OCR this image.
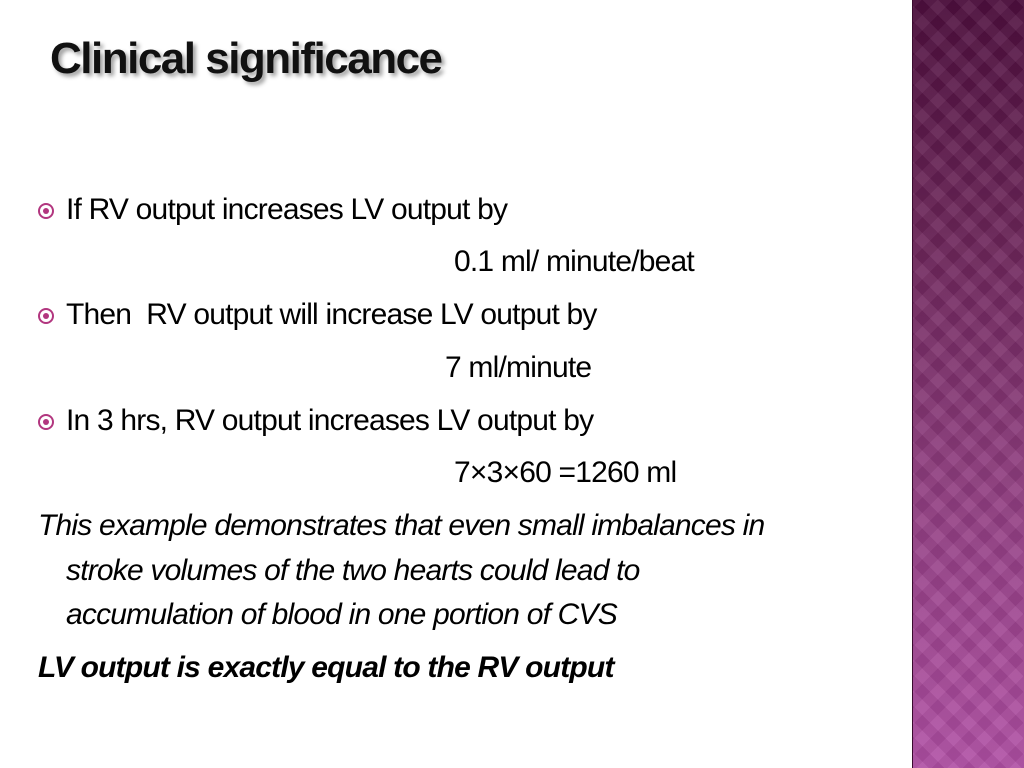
Clinical significance
If RV output increases LV output by
0.1 ml/ minute/beat
Then  RV output will increase LV output by
7 ml/minute
In 3 hrs, RV output increases LV output by
7×3×60 =1260 ml
This example demonstrates that even small imbalances in
stroke volumes of the two hearts could lead to
accumulation of blood in one portion of CVS
LV output is exactly equal to the RV output
